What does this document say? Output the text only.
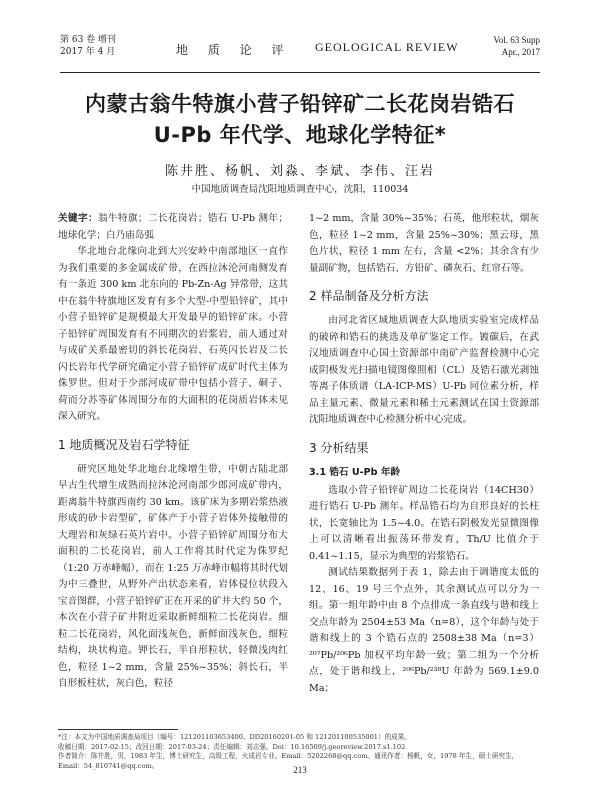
第 63 卷 增刊
2017 年 4 月	地 质 论 评 GEOLOGICAL REVIEW	Vol. 63 Supp
Apr., 2017
内蒙古翁牛特旗小营子铅锌矿二长花岗岩锆石
U-Pb 年代学、地球化学特征*
陈井胜、杨帆、刘淼、李斌、李伟、汪岩
中国地质调查局沈阳地质调查中心，沈阳，110034

关键字：翁牛特旗；二长花岗岩；锆石 U-Pb 测年；地球化学；白乃庙岛弧

华北地台北缘向北到大兴安岭中南部地区一直作为我们重要的多金属成矿带，在西拉沐沦河南侧发育有一条近 300 km 北东向的 Pb-Zn-Ag 异常带，这其中在翁牛特旗地区发育有多个大型-中型铅锌矿，其中小营子铅锌矿是规模最大开发最早的铅锌矿床。小营子铅锌矿周围发育有不同期次的岩浆岩，前人通过对与成矿关系最密切的斜长花岗岩、石英闪长岩及二长闪长岩年代学研究确定小营子铅锌矿成矿时代主体为侏罗世。但对于少部河成矿带中包括小营子、硐子、荷而分苏等矿体周围分布的大面积的花岗质岩体未见深入研究。

1 地质概况及岩石学特征

研究区地处华北地台北缘增生带，中朝古陆北部早古生代增生成熟而拉沐沦河南部少郎河成矿带内，距离翁牛特旗西南约 30 km。该矿床为多期岩浆热液形成的砂卡岩型矿，矿体产于小营子岩体外接触带的大理岩和灰绿石英片岩中。小营子铅锌矿周围分布大面积的二长花岗岩，前人工作将其时代定为侏罗纪（1:20 万赤峰幅），而在 1:25 万赤峰市幅将其时代划为中三叠世，从野外产出状态来看，岩体侵位状段入宝音图群，小营子铅锌矿正在开采的矿井大约 50 个，本次在小营子矿井附近采取新鲜细粒二长花岗岩。细粒二长花岗岩，风化面浅灰色，新鲜面浅灰色，细粒结构，块状构造。钾长石，半自形粒状，轻微浅肉红色，粒径 1~2 mm，含量 25%~35%；斜长石，半自形板柱状，灰白色，粒径

1~2 mm，含量 30%~35%；石英，他形粒状，烟灰色，粒径 1~2 mm，含量 25%~30%；黑云母，黑色片状，粒径 1 mm 左右，含量 <2%；其余含有少量副矿物，包括锆石、方铅矿、磷灰石、红帘石等。

2 样品制备及分析方法

由河北省区域地质调查大队地质实验室完成样品的破碎和锆石的挑选及单矿鉴定工作。镀碳后，在武汉地质调查中心国土资源部中南矿产监督检测中心完成阴极发光扫描电镜图像照相（CL）及锆石激光剥蚀等离子体质谱（LA-ICP-MS）U-Pb 同位素分析，样品主量元素、微量元素和稀土元素测试在国土资源部沈阳地质调查中心检测分析中心完成。

3 分析结果
3.1 锆石 U-Pb 年龄

选取小营子铅锌矿周边二长花岗岩（14CH30）进行锆石 U-Pb 测年。样品锆石均为自形良好的长柱状，长宽轴比为 1.5~4.0。在锆石阴极发光显微图像上可以清晰看出振荡环带发育，Th/U 比值介于 0.41~1.15，显示为典型的岩浆锆石。

测试结果数据列于表 1，除去由于调谐度太低的 12、16、19 号三个点外，其余测试点可以分为一组。第一组年龄中由 8 个点排成一条直线与谐和线上交点年龄为 2504±53 Ma（n=8），这个年龄与处于谐和线上的 3 个锆石点的 2508±38 Ma（n=3）²⁰⁷Pb/²⁰⁶Pb 加权平均年龄一致；第二组为一个分析点，处于谐和线上，²⁰⁶Pb/²³⁸U 年龄为 569.1±9.0 Ma；

*注：本文为中国地质调查局项目（编号：121201103653400、DD20160201-05 和 121201100535001）的成果。
收稿日期：2017-02-15；改回日期：2017-03-24；责任编辑：刘志强。Doi：10.16509/j.georeview.2017.s1.102
作者简介：陈井胜，男，1983 年生，博士研究生，高级工程，火成岩专业。Email：5202268@qq.com。通讯作者：杨帆，女，1978 年生，硕士研究生，Email：54_810741@qq.com。	213
